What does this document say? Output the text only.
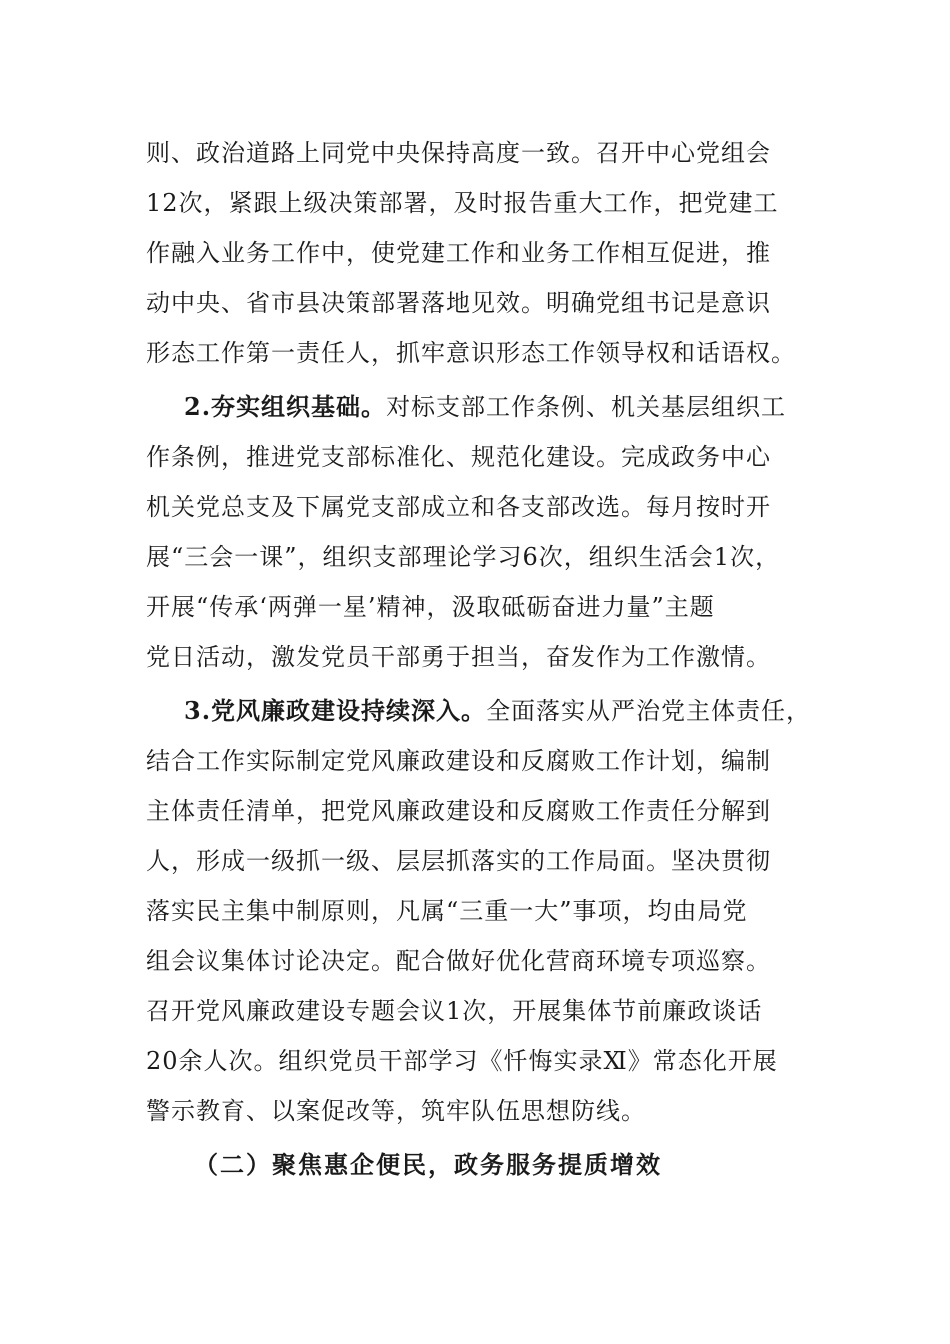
则、政治道路上同党中央保持高度一致。召开中心党组会
12次，紧跟上级决策部署，及时报告重大工作，把党建工
作融入业务工作中，使党建工作和业务工作相互促进，推
动中央、省市县决策部署落地见效。明确党组书记是意识
形态工作第一责任人，抓牢意识形态工作领导权和话语权。
2.夯实组织基础。对标支部工作条例、机关基层组织工
作条例，推进党支部标准化、规范化建设。完成政务中心
机关党总支及下属党支部成立和各支部改选。每月按时开
展“三会一课”，组织支部理论学习6次，组织生活会1次，
开展“传承‘两弹一星’精神，汲取砥砺奋进力量”主题
党日活动，激发党员干部勇于担当，奋发作为工作激情。
3.党风廉政建设持续深入。全面落实从严治党主体责任，
结合工作实际制定党风廉政建设和反腐败工作计划，编制
主体责任清单，把党风廉政建设和反腐败工作责任分解到
人，形成一级抓一级、层层抓落实的工作局面。坚决贯彻
落实民主集中制原则，凡属“三重一大”事项，均由局党
组会议集体讨论决定。配合做好优化营商环境专项巡察。
召开党风廉政建设专题会议1次，开展集体节前廉政谈话
20余人次。组织党员干部学习《忏悔实录Ⅺ》常态化开展
警示教育、以案促改等，筑牢队伍思想防线。
（二）聚焦惠企便民，政务服务提质增效
